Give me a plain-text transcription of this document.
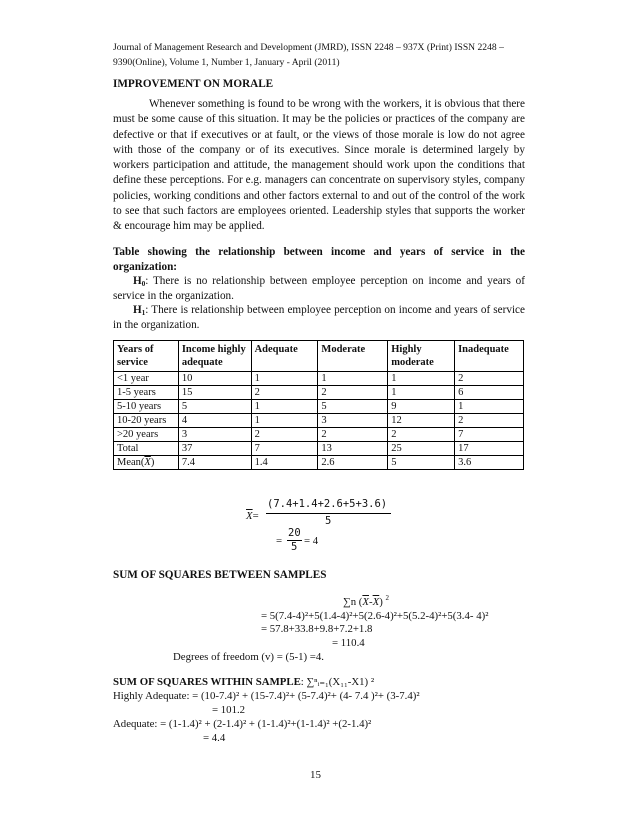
Journal of Management Research and Development (JMRD), ISSN 2248 – 937X (Print) ISSN 2248 –
9390(Online), Volume 1, Number 1, January - April (2011)
IMPROVEMENT ON MORALE
Whenever something is found to be wrong with the workers, it is obvious that there must be some cause of this situation. It may be the policies or practices of the company are defective or that if executives or at fault, or the views of those morale is low do not agree with those of the company or of its executives. Since morale is determined largely by workers participation and attitude, the management should work upon the conditions that define these perceptions. For e.g. managers can concentrate on supervisory styles, company policies, working conditions and other factors external to and out of the control of the work to see that such factors are employees oriented. Leadership styles that supports the worker & encourage him may be applied.
Table showing the relationship between income and years of service in the organization:
$H_0$: There is no relationship between employee perception on income and years of service in the organization.
$H_1$: There is relationship between employee perception on income and years of service in the organization.
Years of service	Income highly adequate	Adequate	Moderate	Highly moderate	Inadequate
<1 year	10	1	1	1	2
1-5 years	15	2	2	1	6
5-10 years	5	1	5	9	1
10-20 years	4	1	3	12	2
>20 years	3	2	2	2	7
Total	37	7	13	25	17
$Mean(\overline{X})$	7.4	1.4	2.6	5	3.6
$\overline{X}=$
(7.4+1.4+2.6+5+3.6)
5
=
20
5 = 4
SUM OF SQUARES BETWEEN SAMPLES
∑n $(\overline{X}-\overline{X})$ $^2$
= 5(7.4-4)²+5(1.4-4)²+5(2.6-4)²+5(5.2-4)²+5(3.4- 4)²
= 57.8+33.8+9.8+7.2+1.8
= 110.4
Degrees of freedom (v) = (5-1) =4.
SUM OF SQUARES WITHIN SAMPLE: ∑ⁿᵢ₌₁(X₁₁-X1) ²
Highly Adequate: = (10-7.4)² + (15-7.4)²+ (5-7.4)²+ (4- 7.4 )²+ (3-7.4)²
= 101.2
Adequate: = (1-1.4)² + (2-1.4)² + (1-1.4)²+(1-1.4)² +(2-1.4)²
= 4.4
15
